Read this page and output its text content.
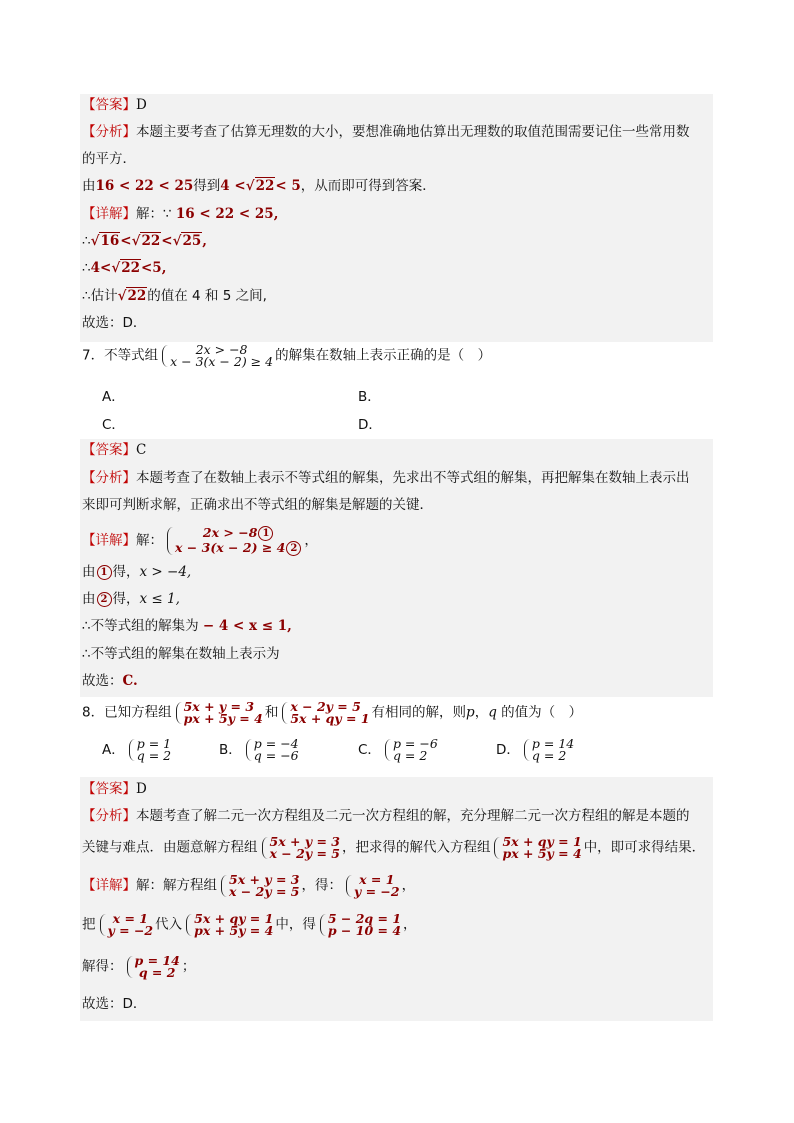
【答案】D
【分析】本题主要考查了估算无理数的大小，要想准确地估算出无理数的取值范围需要记住一些常用数
的平方．
由16 < 22 < 25得到4 <√22< 5，从而即可得到答案．
【详解】解：∵ 16 < 22 < 25,
∴√16<√22<√25,
∴4<√22<5,
∴估计√22的值在 4 和 5 之间,
故选：D．
7．不等式组	2x > −8
x − 3(x − 2) ≥ 4 的解集在数轴上表示正确的是（　）
A．	B．
C．	D．
【答案】C
【分析】本题考查了在数轴上表示不等式组的解集，先求出不等式组的解集，再把解集在数轴上表示出
来即可判断求解，正确求出不等式组的解集是解题的关键．
【详解】解：	2x > −8 1
x − 3(x − 2) ≥ 4 2 ，
由 1 得，x > −4,
由 2 得，x ≤ 1,
∴不等式组的解集为 − 4 < x ≤ 1,
∴不等式组的解集在数轴上表示为
故选：C.
8．已知方程组 5x + y = 3
px + 5y = 4 和 x − 2y = 5
5x + qy = 1 有相同的解，则p，q 的值为（　）
A． p = 1
q = 2	B． p = −4
q = −6	C． p = −6
q = 2	D． p = 14
q = 2
【答案】D
【分析】本题考查了解二元一次方程组及二元一次方程组的解，充分理解二元一次方程组的解是本题的
关键与难点．由题意解方程组 5x + y = 3
x − 2y = 5 ，把求得的解代入方程组 5x + qy = 1
px + 5y = 4 中，即可求得结果．
【详解】解：解方程组 5x + y = 3
x − 2y = 5 ，得：	x = 1
y = −2 ，
把	x = 1
y = −2 代入 5x + qy = 1
px + 5y = 4 中，得 5 − 2q = 1
p − 10 = 4 ，
解得： p = 14
q = 2 ；
故选：D．
